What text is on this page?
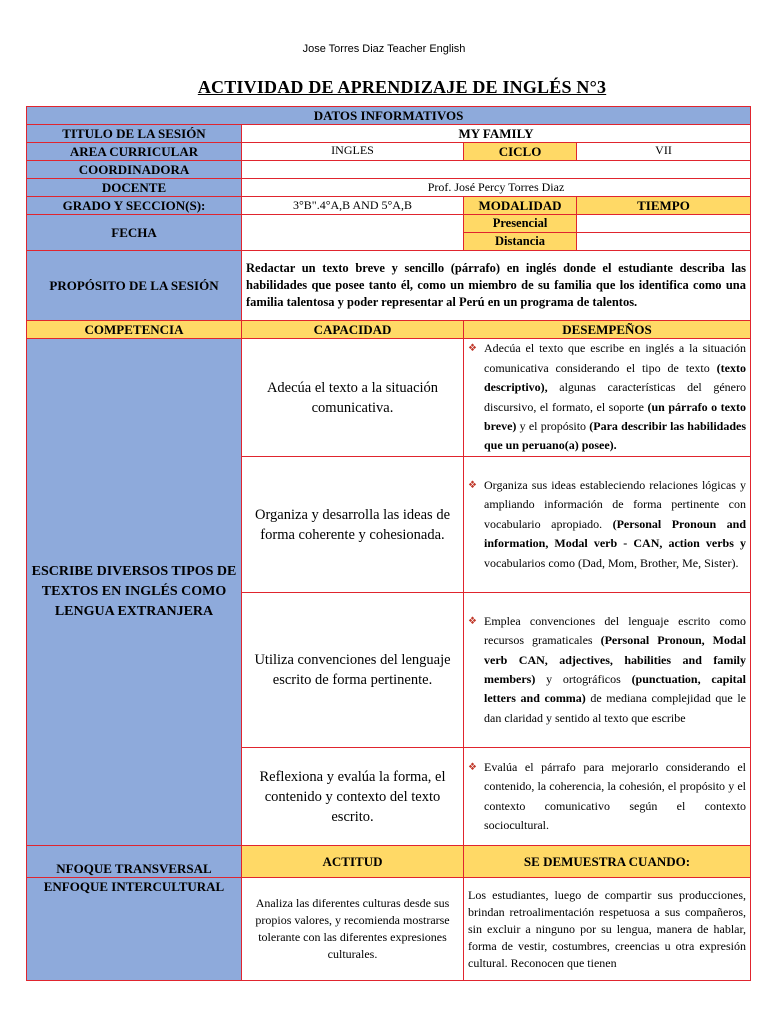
Jose Torres Diaz Teacher English
ACTIVIDAD DE APRENDIZAJE DE INGLÉS N°3
DATOS INFORMATIVOS			
TITULO DE LA SESIÓN	MY FAMILY		
AREA CURRICULAR	INGLES	CICLO	VII
COORDINADORA			
DOCENTE	Prof. José Percy Torres Diaz		
GRADO Y SECCION(S):	3°B".4°A,B AND 5°A,B	MODALIDAD	TIEMPO
FECHA		Presencial	
		Distancia	
PROPÓSITO DE LA SESIÓN	Redactar un texto breve y sencillo (párrafo) en inglés donde el estudiante describa las habilidades que posee tanto él, como un miembro de su familia que los identifica como una familia talentosa y poder representar al Perú en un programa de talentos.		
COMPETENCIA	CAPACIDAD	DESEMPEÑOS	
ESCRIBE DIVERSOS TIPOS DE TEXTOS EN INGLÉS COMO LENGUA EXTRANJERA	Adecúa el texto a la situación comunicativa.	❖ Adecúa el texto que escribe en inglés a la situación comunicativa considerando el tipo de texto (texto descriptivo), algunas características del género discursivo, el formato, el soporte (un párrafo o texto breve) y el propósito (Para describir las habilidades que un peruano(a) posee).	

	Organiza y desarrolla las ideas de forma coherente y cohesionada.	❖ Organiza sus ideas estableciendo relaciones lógicas y ampliando información de forma pertinente con vocabulario apropiado. (Personal Pronoun and information, Modal verb - CAN, action verbs y vocabularios como (Dad, Mom, Brother, Me, Sister).	

	Utiliza convenciones del lenguaje escrito de forma pertinente.	❖ Emplea convenciones del lenguaje escrito como recursos gramaticales (Personal Pronoun, Modal verb CAN, adjectives, habilities and family members) y ortográficos (punctuation, capital letters and comma) de mediana complejidad que le dan claridad y sentido al texto que escribe	

	Reflexiona y evalúa la forma, el contenido y contexto del texto escrito.	❖ Evalúa el párrafo para mejorarlo considerando el contenido, la coherencia, la cohesión, el propósito y el contexto comunicativo según el contexto sociocultural.	

NFOQUE TRANSVERSAL	ACTITUD	SE DEMUESTRA CUANDO:	
ENFOQUE INTERCULTURAL	Analiza las diferentes culturas desde sus propios valores, y recomienda mostrarse tolerante con las diferentes expresiones culturales.	Los estudiantes, luego de compartir sus producciones, brindan retroalimentación respetuosa a sus compañeros, sin excluir a ninguno por su lengua, manera de hablar, forma de vestir, costumbres, creencias u otra expresión cultural. Reconocen que tienen	
